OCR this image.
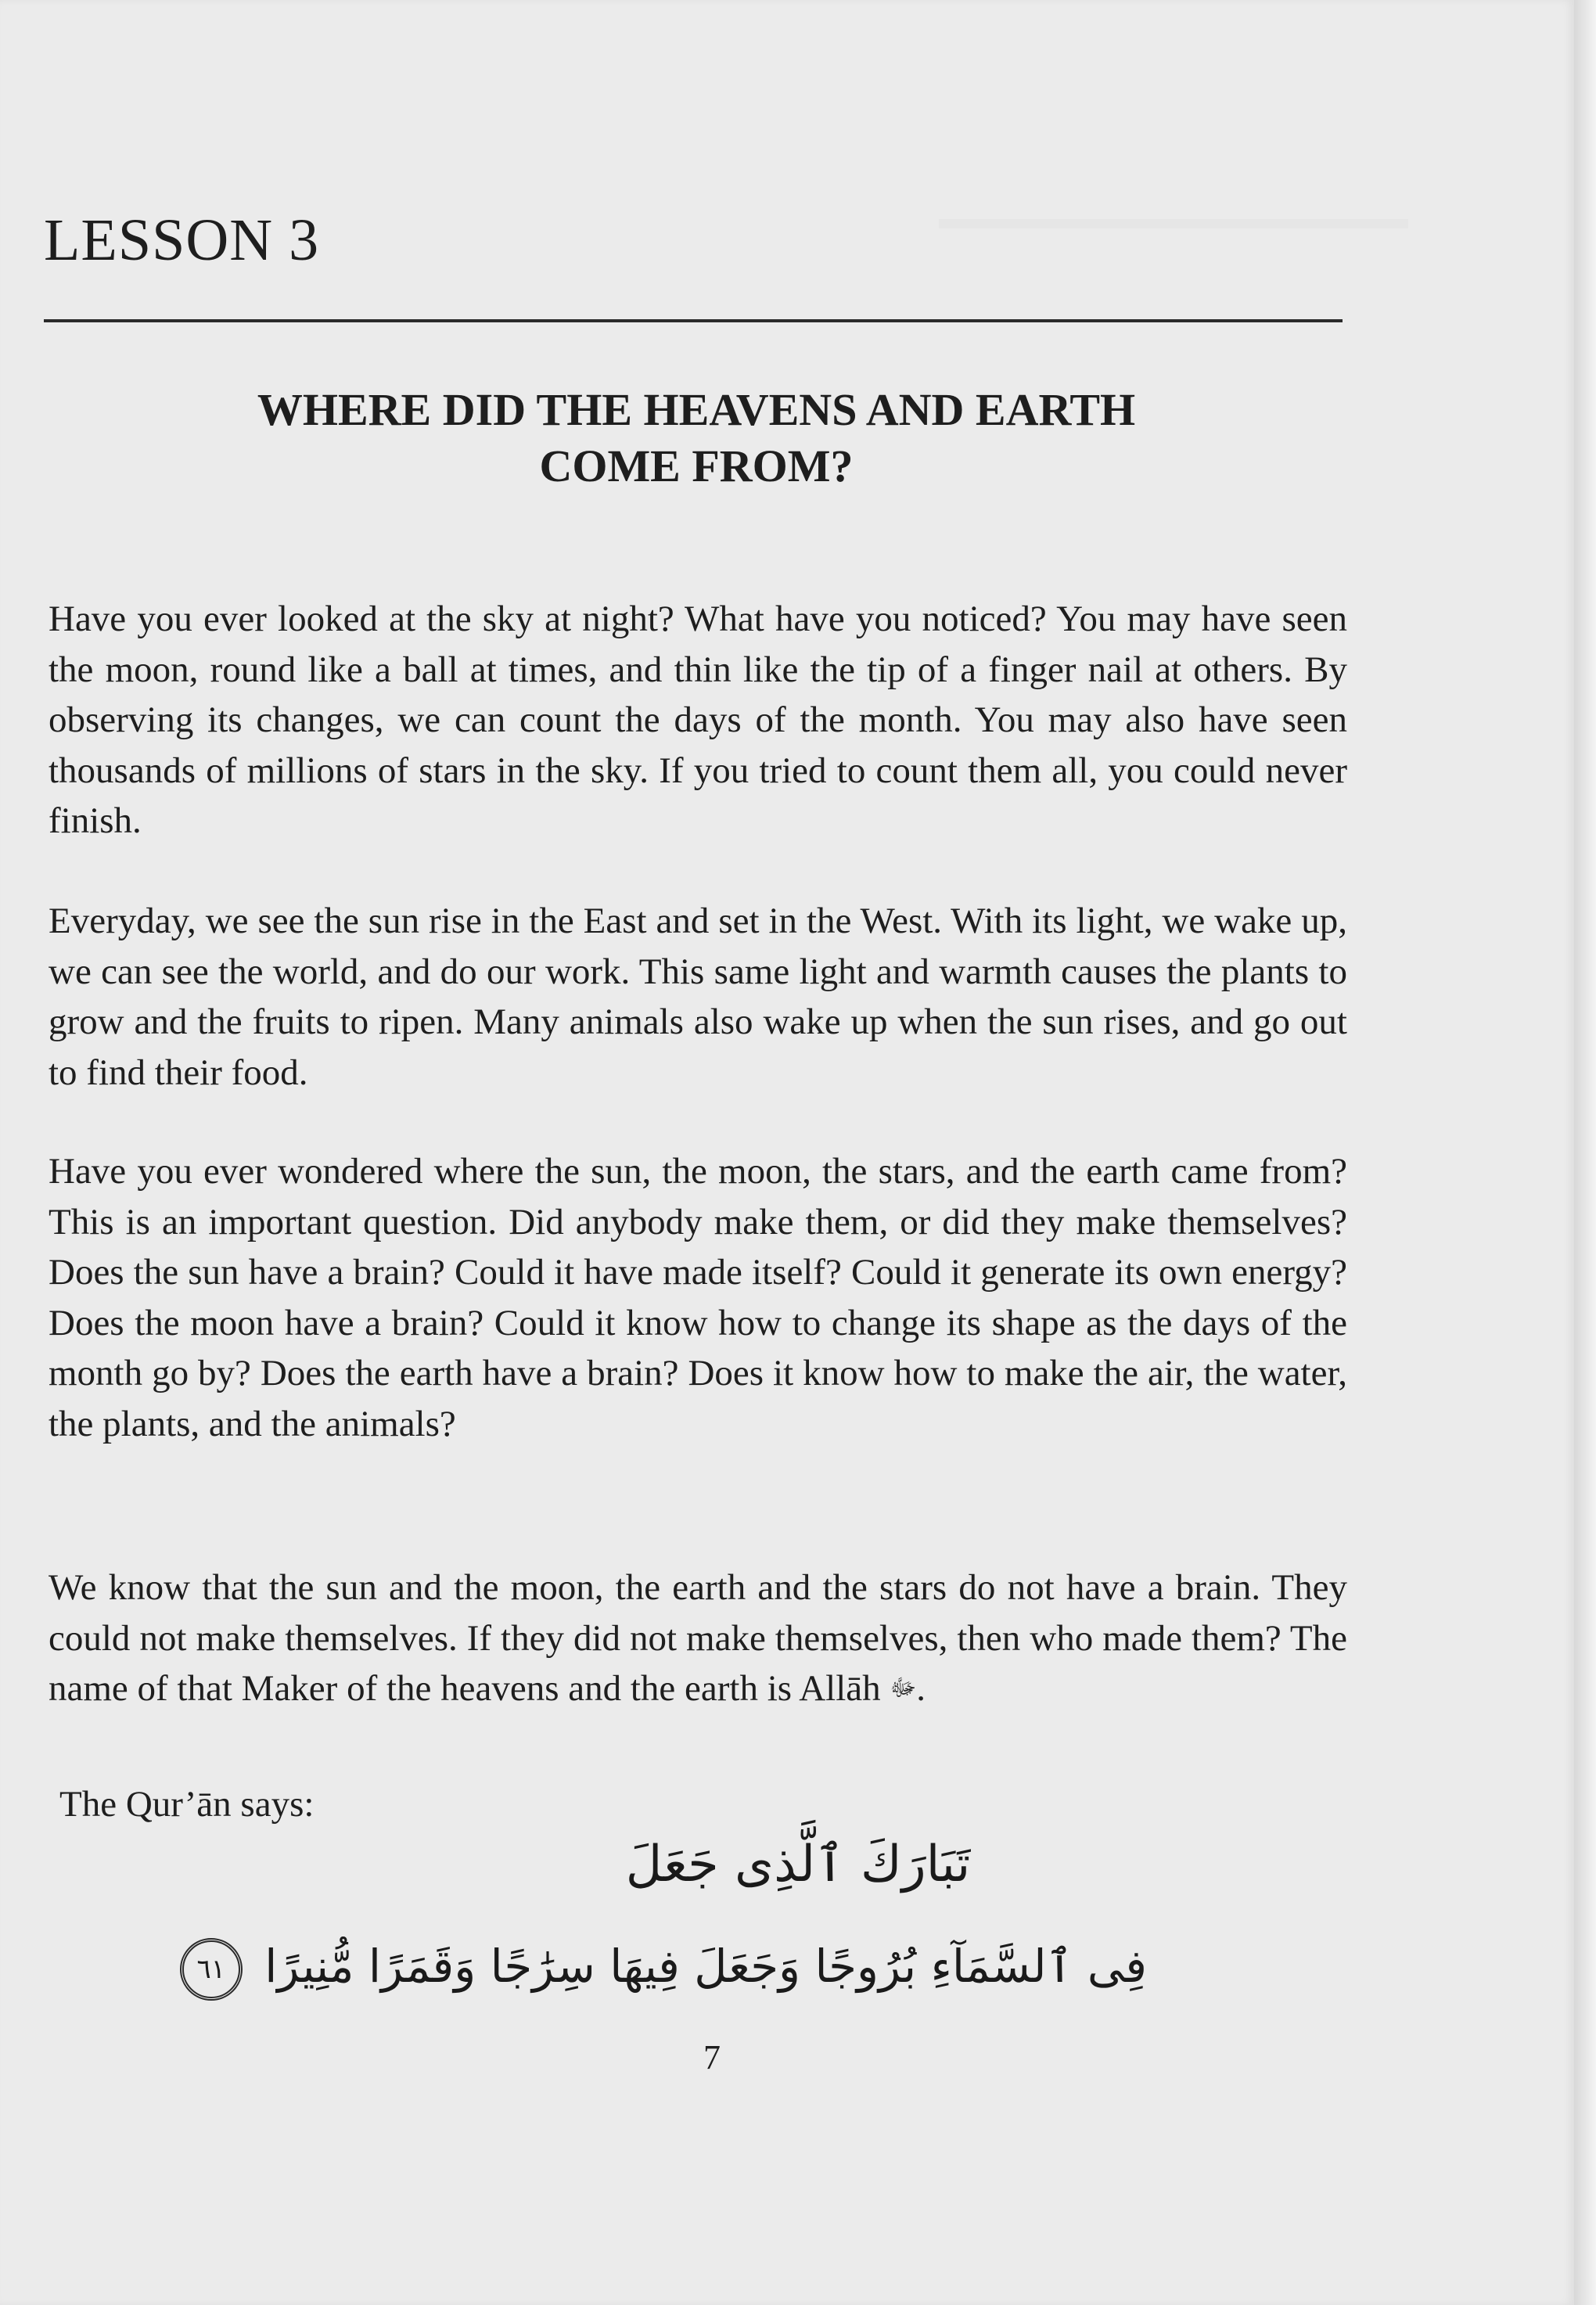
LESSON 3
WHERE DID THE HEAVENS AND EARTH
COME FROM?

Have you ever looked at the sky at night? What have you noticed? You may have seen the moon, round like a ball at times, and thin like the tip of a finger nail at others. By observing its changes, we can count the days of the month. You may also have seen thousands of millions of stars in the sky. If you tried to count them all, you could never finish.

Everyday, we see the sun rise in the East and set in the West. With its light, we wake up, we can see the world, and do our work. This same light and warmth causes the plants to grow and the fruits to ripen. Many animals also wake up when the sun rises, and go out to find their food.

Have you ever wondered where the sun, the moon, the stars, and the earth came from? This is an important question. Did anybody make them, or did they make themselves? Does the sun have a brain? Could it have made itself? Could it generate its own energy? Does the moon have a brain? Could it know how to change its shape as the days of the month go by? Does the earth have a brain? Does it know how to make the air, the water, the plants, and the animals?

We know that the sun and the moon, the earth and the stars do not have a brain. They could not make themselves. If they did not make themselves, then who made them? The name of that Maker of the heavens and the earth is Allāh ﷻ.

The Qur’ān says:
تَبَارَكَ ٱلَّذِى جَعَلَ
فِى ٱلسَّمَآءِ بُرُوجًا وَجَعَلَ فِيهَا سِرَٰجًا وَقَمَرًا مُّنِيرًا ٦١
7
